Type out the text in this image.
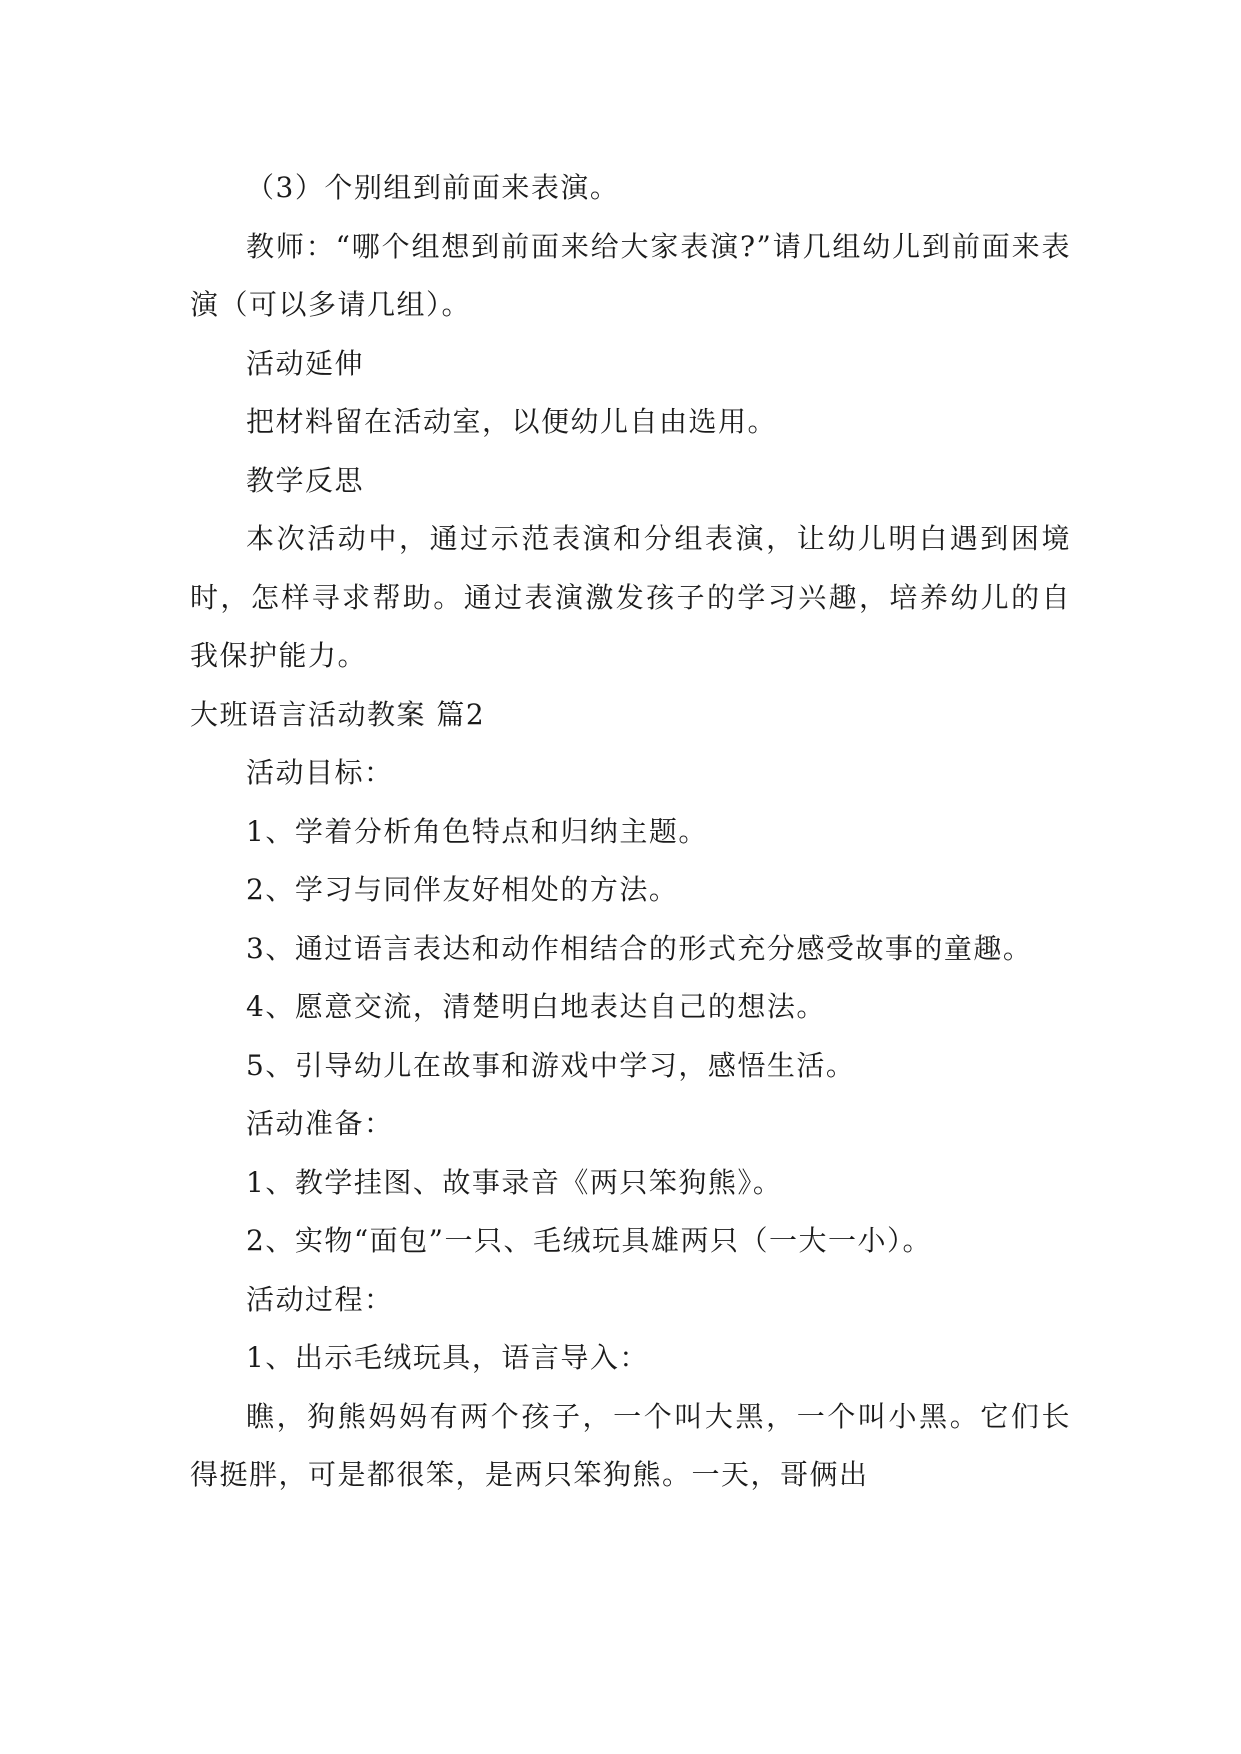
（3）个别组到前面来表演。

教师：“哪个组想到前面来给大家表演?”请几组幼儿到前面来表演（可以多请几组）。

活动延伸

把材料留在活动室，以便幼儿自由选用。

教学反思

本次活动中，通过示范表演和分组表演，让幼儿明白遇到困境时，怎样寻求帮助。通过表演激发孩子的学习兴趣，培养幼儿的自我保护能力。

大班语言活动教案 篇2

活动目标：

1、学着分析角色特点和归纳主题。

2、学习与同伴友好相处的方法。

3、通过语言表达和动作相结合的形式充分感受故事的童趣。

4、愿意交流，清楚明白地表达自己的想法。

5、引导幼儿在故事和游戏中学习，感悟生活。

活动准备：

1、教学挂图、故事录音《两只笨狗熊》。

2、实物“面包”一只、毛绒玩具雄两只（一大一小）。

活动过程：

1、出示毛绒玩具，语言导入：

瞧，狗熊妈妈有两个孩子，一个叫大黑，一个叫小黑。它们长得挺胖，可是都很笨，是两只笨狗熊。一天，哥俩出
